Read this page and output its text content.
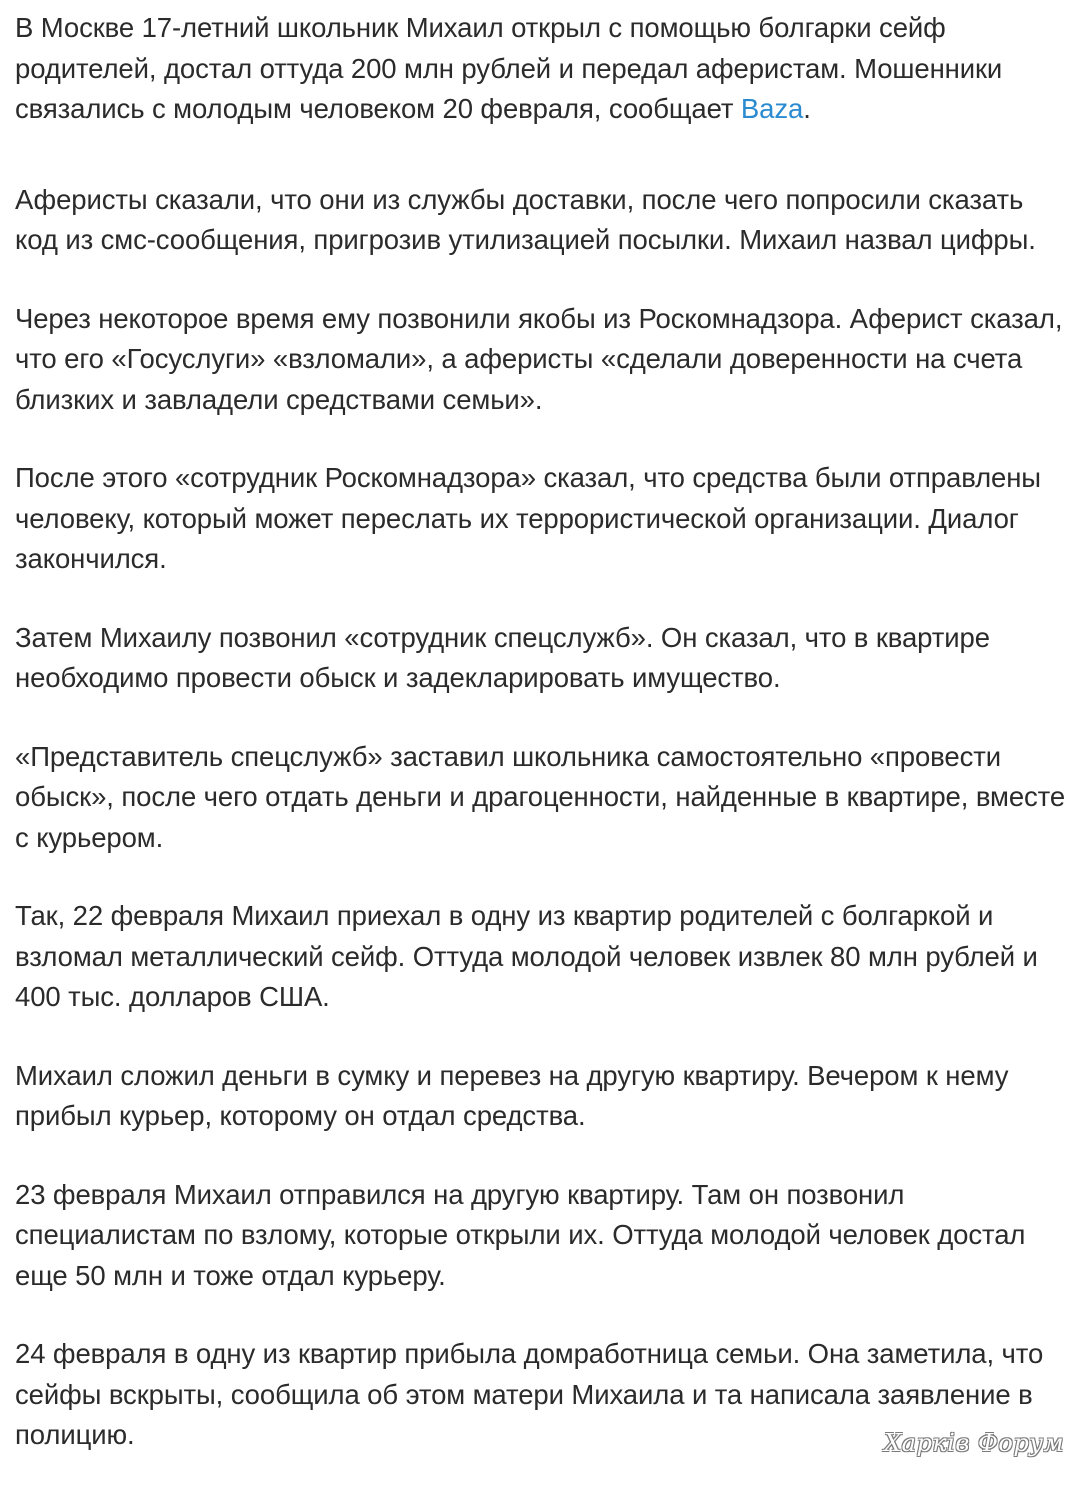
В Москве 17-летний школьник Михаил открыл с помощью болгарки сейф родителей, достал оттуда 200 млн рублей и передал аферистам. Мошенники связались с молодым человеком 20 февраля, сообщает Baza.

Аферисты сказали, что они из службы доставки, после чего попросили сказать код из смс-сообщения, пригрозив утилизацией посылки. Михаил назвал цифры.

Через некоторое время ему позвонили якобы из Роскомнадзора. Аферист сказал, что его «Госуслуги» «взломали», а аферисты «сделали доверенности на счета близких и завладели средствами семьи».

После этого «сотрудник Роскомнадзора» сказал, что средства были отправлены человеку, который может переслать их террористической организации. Диалог закончился.

Затем Михаилу позвонил «сотрудник спецслужб». Он сказал, что в квартире необходимо провести обыск и задекларировать имущество.

«Представитель спецслужб» заставил школьника самостоятельно «провести обыск», после чего отдать деньги и драгоценности, найденные в квартире, вместе с курьером.

Так, 22 февраля Михаил приехал в одну из квартир родителей с болгаркой и взломал металлический сейф. Оттуда молодой человек извлек 80 млн рублей и 400 тыс. долларов США.

Михаил сложил деньги в сумку и перевез на другую квартиру. Вечером к нему прибыл курьер, которому он отдал средства.

23 февраля Михаил отправился на другую квартиру. Там он позвонил специалистам по взлому, которые открыли их. Оттуда молодой человек достал еще 50 млн и тоже отдал курьеру.

24 февраля в одну из квартир прибыла домработница семьи. Она заметила, что сейфы вскрыты, сообщила об этом матери Михаила и та написала заявление в полицию.	Харків Форум
